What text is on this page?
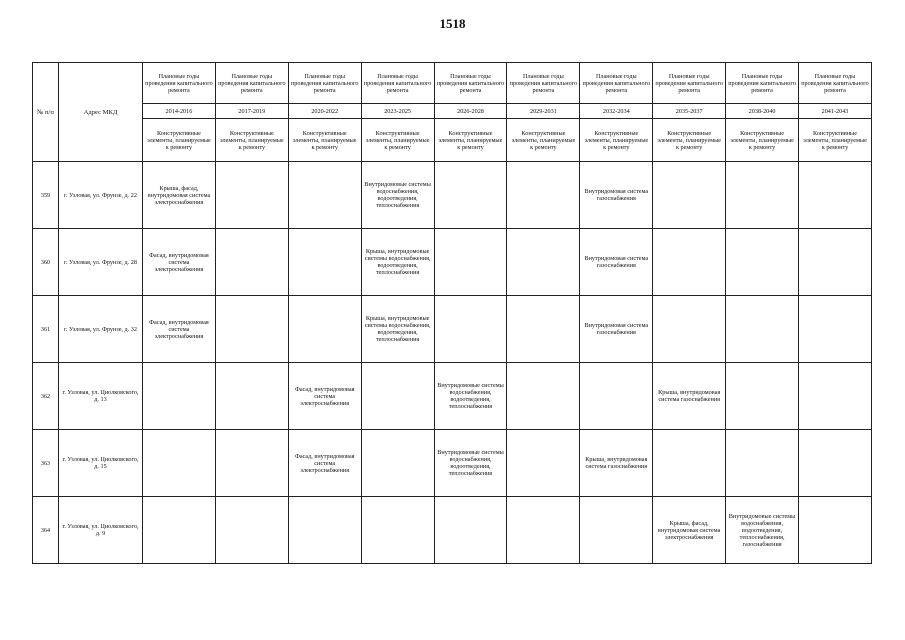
1518
№ п/п	Адрес МКД	Плановые годы проведения капитального ремонта	Плановые годы проведения капитального ремонта	Плановые годы проведения капитального ремонта	Плановые годы проведения капитального ремонта	Плановые годы проведения капитального ремонта	Плановые годы проведения капитального ремонта	Плановые годы проведения капитального ремонта	Плановые годы проведения капитального ремонта	Плановые годы проведения капитального ремонта	Плановые годы проведения капитального ремонта
		2014-2016	2017-2019	2020-2022	2023-2025	2026-2028	2029-2031	2032-2034	2035-2037	2038-2040	2041-2043
		Конструктивные элементы, планируемые к ремонту	Конструктивные элементы, планируемые к ремонту	Конструктивные элементы, планируемые к ремонту	Конструктивные элементы, планируемые к ремонту	Конструктивные элементы, планируемые к ремонту	Конструктивные элементы, планируемые к ремонту	Конструктивные элементы, планируемые к ремонту	Конструктивные элементы, планируемые к ремонту	Конструктивные элементы, планируемые к ремонту	Конструктивные элементы, планируемые к ремонту
359	г. Узловая, ул. Фрунзе, д. 22	Крыша, фасад, внутридомовая система электроснабжения			Внутридомовые системы водоснабжения, водоотведения, теплоснабжения			Внутридомовая система газоснабжения			
360	г. Узловая, ул. Фрунзе, д. 28	Фасад, внутридомовая система электроснабжения			Крыша, внутридомовые системы водоснабжения, водоотведения, теплоснабжения			Внутридомовая система газоснабжения			
361	г. Узловая, ул. Фрунзе, д. 32	Фасад, внутридомовая система электроснабжения			Крыша, внутридомовые системы водоснабжения, водоотведения, теплоснабжения			Внутридомовая система газоснабжения			
362	г. Узловая, ул. Циолковского, д. 13			Фасад, внутридомовая система электроснабжения		Внутридомовые системы водоснабжения, водоотведения, теплоснабжения			Крыша, внутридомовая система газоснабжения		
363	г. Узловая, ул. Циолковского, д. 15			Фасад, внутридомовая система электроснабжения		Внутридомовые системы водоснабжения, водоотведения, теплоснабжения		Крыша, внутридомовая система газоснабжения			
364	г. Узловая, ул. Циолковского, д. 9								Крыша, фасад, внутридомовая система электроснабжения	Внутридомовые системы водоснабжения, водоотведения, теплоснабжения, газоснабжения	
